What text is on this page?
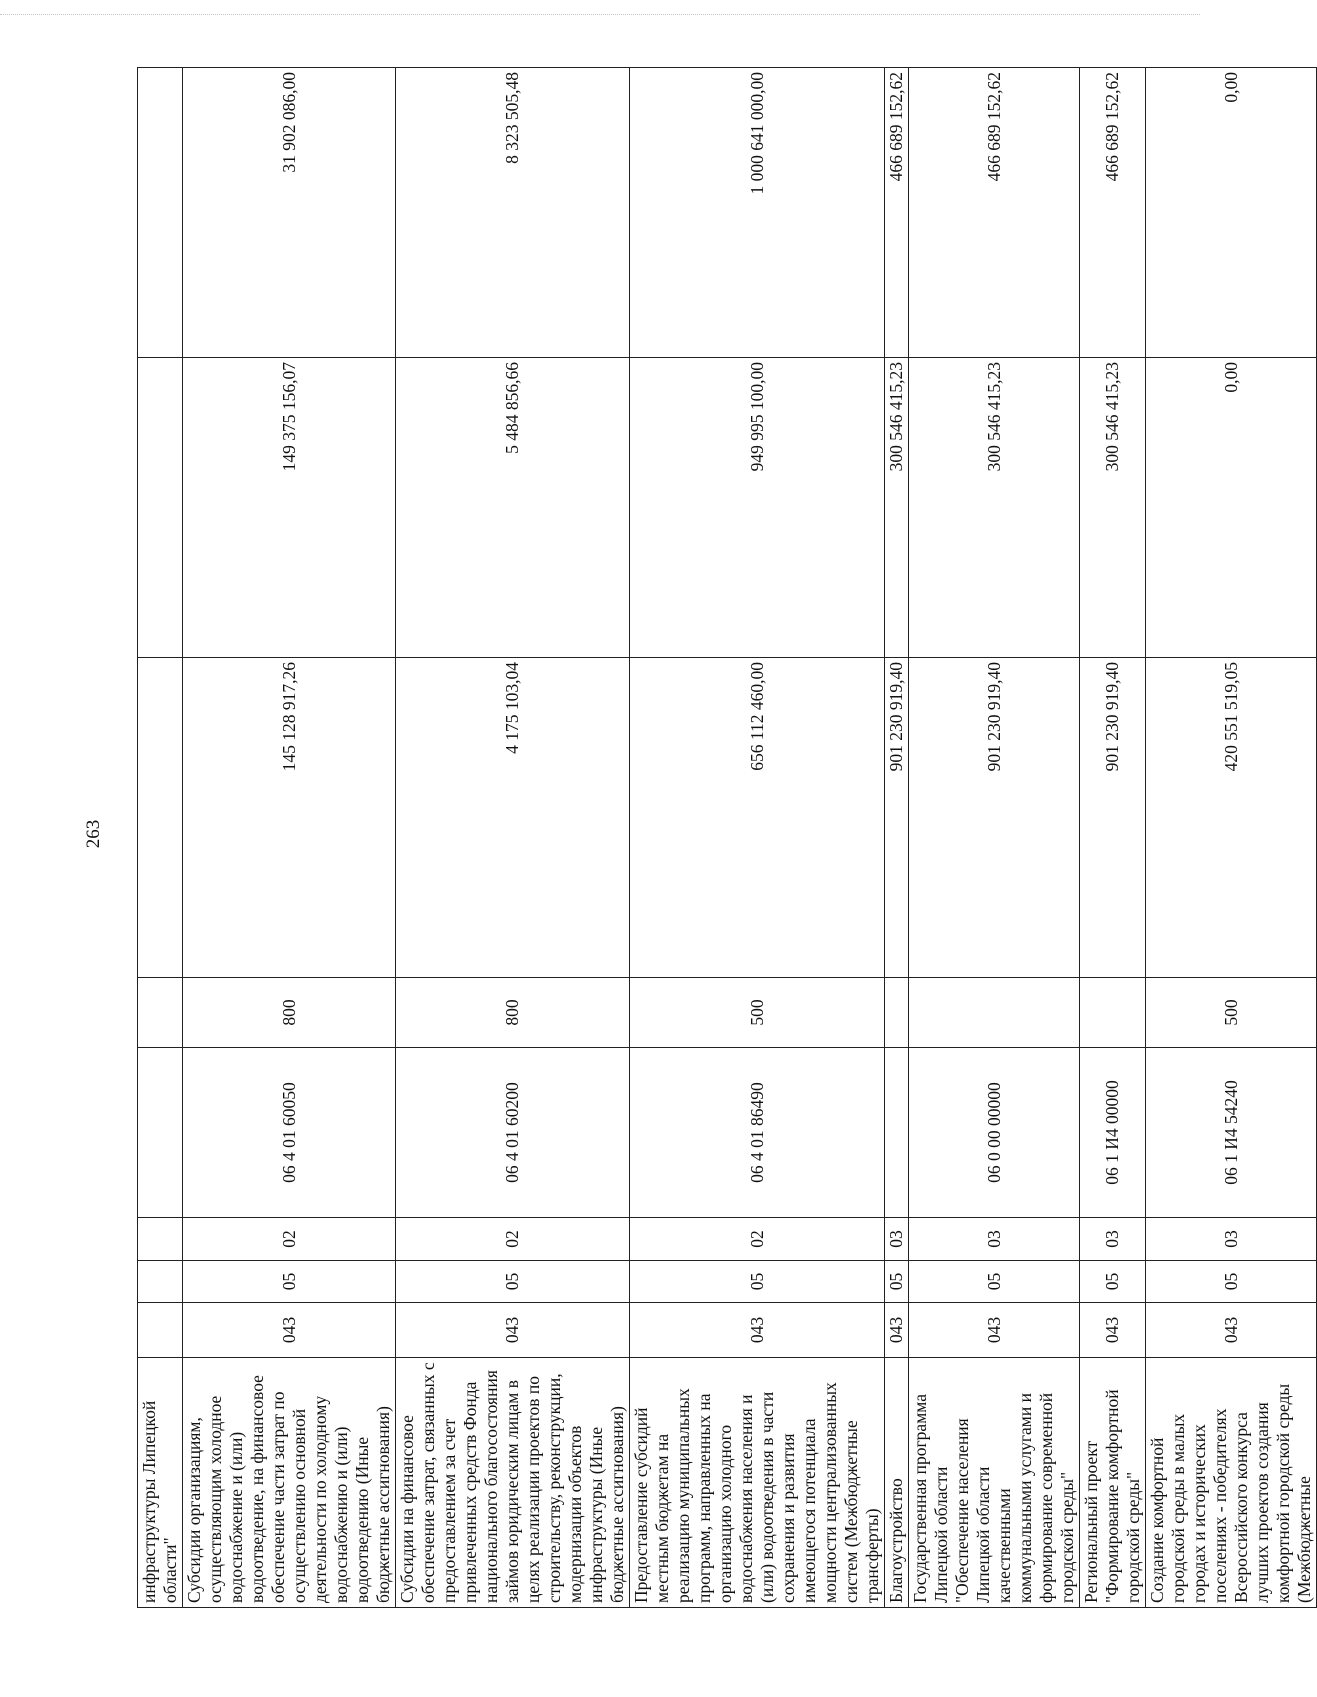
263
инфраструктуры Липецкой области"								
Субсидии организациям, осуществляющим холодное водоснабжение и (или) водоотведение, на финансовое обеспечение части затрат по осуществлению основной деятельности по холодному водоснабжению и (или) водоотведению (Иные бюджетные ассигнования)	043	05	02	06 4 01 60050	800	145 128 917,26	149 375 156,07	31 902 086,00
Субсидии на финансовое обеспечение затрат, связанных с предоставлением за счет привлеченных средств Фонда национального благосостояния займов юридическим лицам в целях реализации проектов по строительству, реконструкции, модернизации объектов инфраструктуры (Иные бюджетные ассигнования)	043	05	02	06 4 01 60200	800	4 175 103,04	5 484 856,66	8 323 505,48
Предоставление субсидий местным бюджетам на реализацию муниципальных программ, направленных на организацию холодного водоснабжения населения и (или) водоотведения в части сохранения и развития имеющегося потенциала мощности централизованных систем (Межбюджетные трансферты)	043	05	02	06 4 01 86490	500	656 112 460,00	949 995 100,00	1 000 641 000,00
Благоустройство	043	05	03			901 230 919,40	300 546 415,23	466 689 152,62
Государственная программа Липецкой области "Обеспечение населения Липецкой области качественными коммунальными услугами и формирование современной городской среды"	043	05	03	06 0 00 00000		901 230 919,40	300 546 415,23	466 689 152,62
Региональный проект "Формирование комфортной городской среды"	043	05	03	06 1 И4 00000		901 230 919,40	300 546 415,23	466 689 152,62
Создание комфортной городской среды в малых городах и исторических поселениях - победителях Всероссийского конкурса лучших проектов создания комфортной городской среды (Межбюджетные	043	05	03	06 1 И4 54240	500	420 551 519,05	0,00	0,00
